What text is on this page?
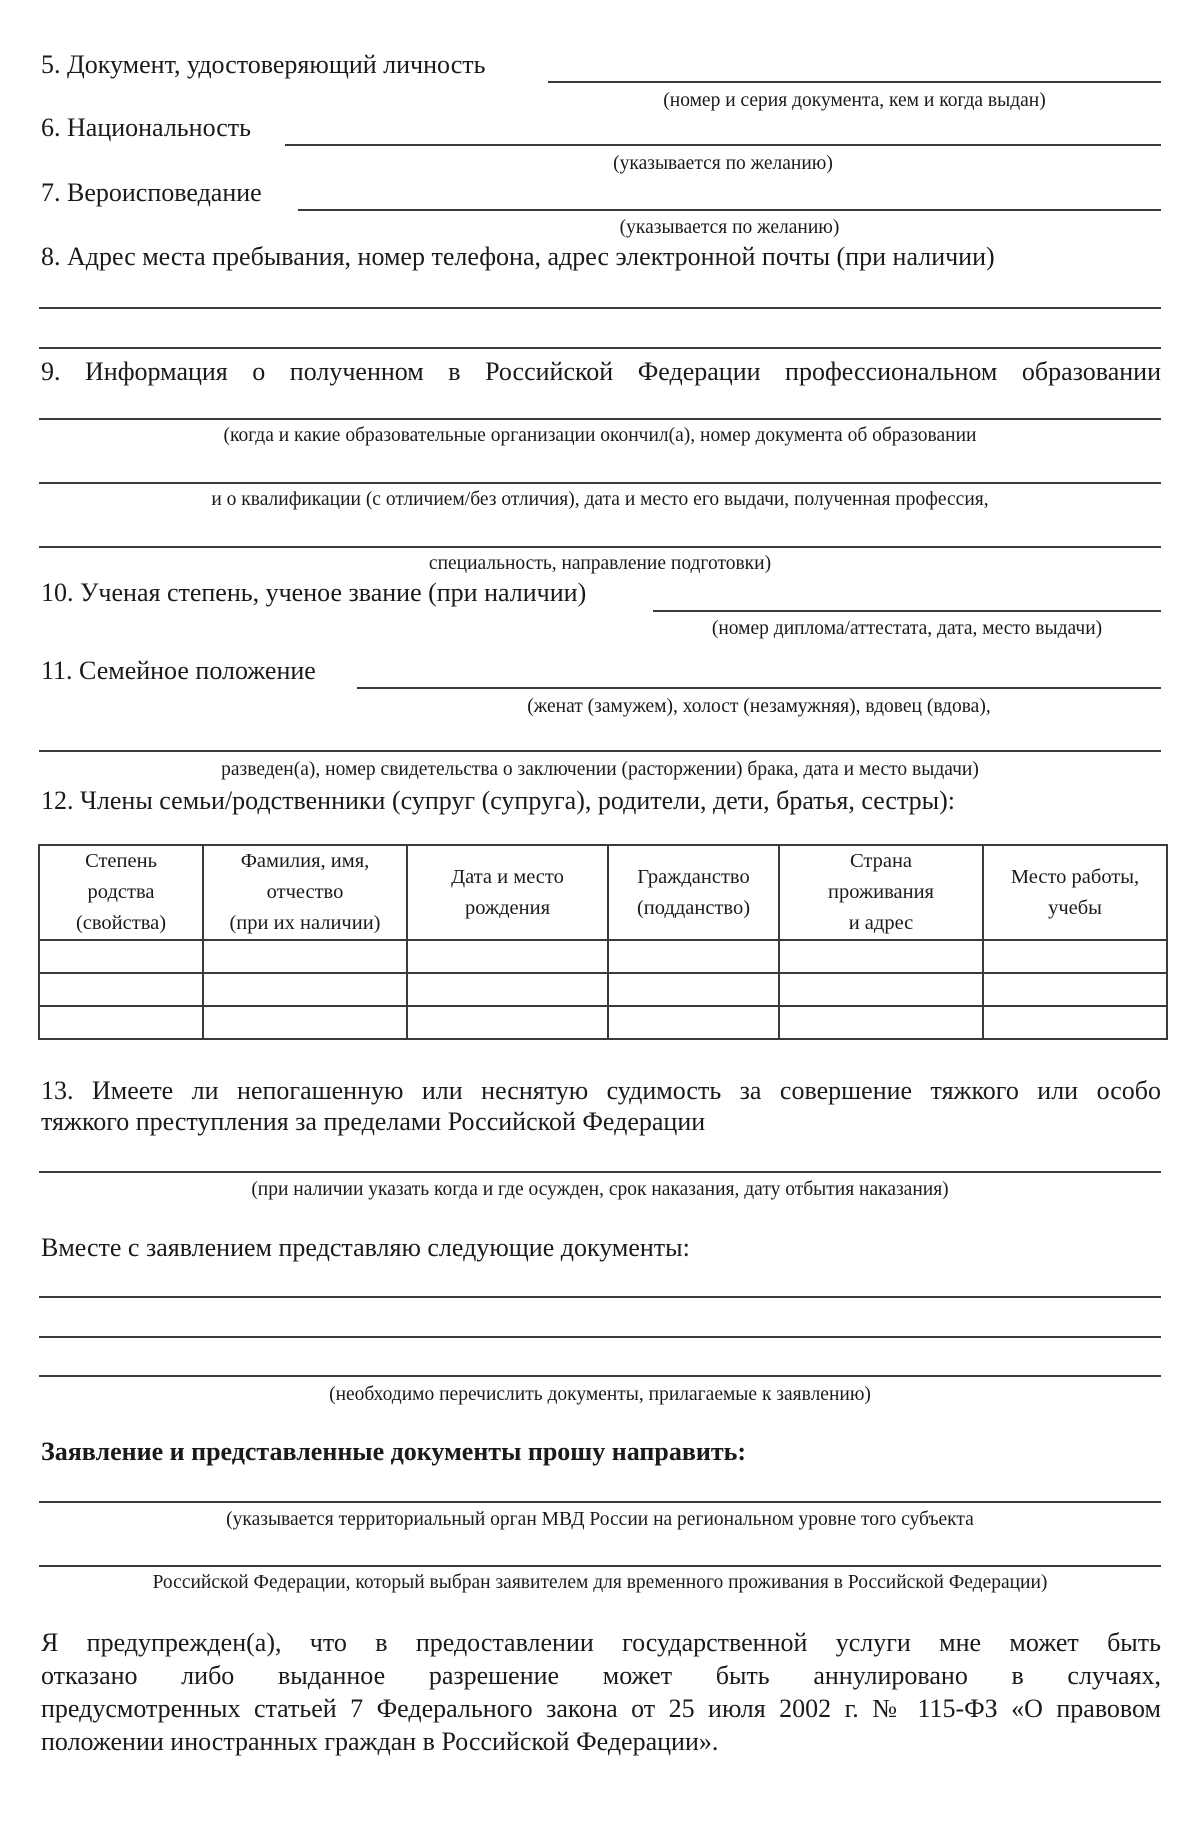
5. Документ, удостоверяющий личность
(номер и серия документа, кем и когда выдан)
6. Национальность
(указывается по желанию)
7. Вероисповедание
(указывается по желанию)
8. Адрес места пребывания, номер телефона, адрес электронной почты (при наличии)
9. Информация о полученном в Российской Федерации профессиональном образовании
(когда и какие образовательные организации окончил(а), номер документа об образовании
и о квалификации (с отличием/без отличия), дата и место его выдачи, полученная профессия,
специальность, направление подготовки)
10. Ученая степень, ученое звание (при наличии)
(номер диплома/аттестата, дата, место выдачи)
11. Семейное положение
(женат (замужем), холост (незамужняя), вдовец (вдова),
разведен(а), номер свидетельства о заключении (расторжении) брака, дата и место выдачи)
12. Члены семьи/родственники (супруг (супруга), родители, дети, братья, сестры):
Степень
родства
(свойства)	Фамилия, имя,
отчество
(при их наличии)	Дата и место
рождения	Гражданство
(подданство)	Страна
проживания
и адрес	Место работы,
учебы

13. Имеете ли непогашенную или неснятую судимость за совершение тяжкого или особо
тяжкого преступления за пределами Российской Федерации
(при наличии указать когда и где осужден, срок наказания, дату отбытия наказания)
Вместе с заявлением представляю следующие документы:
(необходимо перечислить документы, прилагаемые к заявлению)
Заявление и представленные документы прошу направить:
(указывается территориальный орган МВД России на региональном уровне того субъекта
Российской Федерации, который выбран заявителем для временного проживания в Российской Федерации)
Я предупрежден(а), что в предоставлении государственной услуги мне может быть
отказано либо выданное разрешение может быть аннулировано в случаях,
предусмотренных статьей 7 Федерального закона от 25 июля 2002 г. № 115-ФЗ «О правовом
положении иностранных граждан в Российской Федерации».
